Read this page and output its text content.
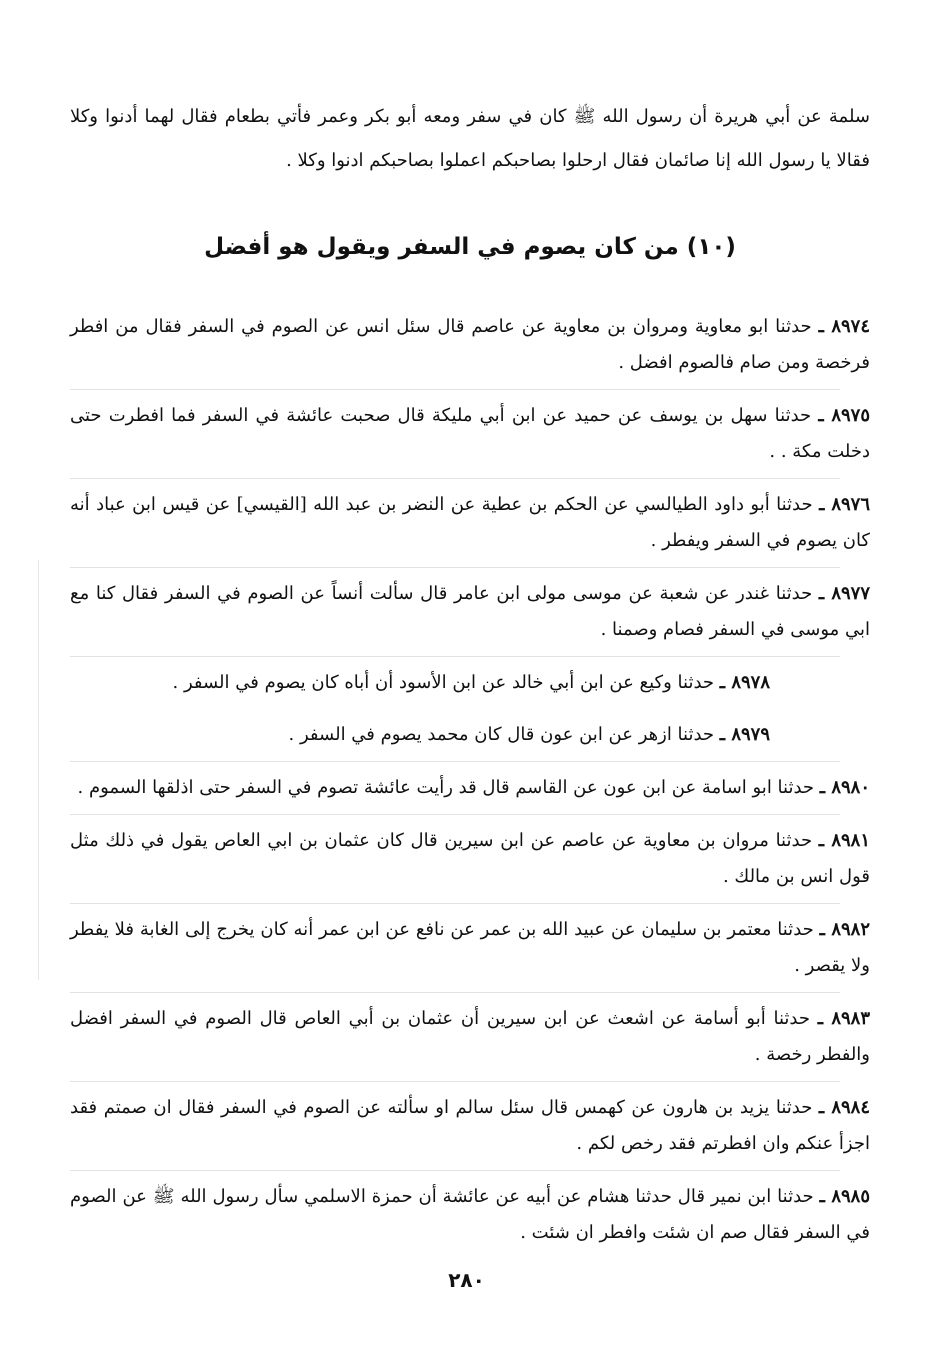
سلمة عن أبي هريرة أن رسول الله ﷺ كان في سفر ومعه أبو بكر وعمر فأتي بطعام فقال لهما أدنوا وكلا فقالا يا رسول الله إنا صائمان فقال ارحلوا بصاحبكم اعملوا بصاحبكم ادنوا وكلا .

(١٠) من كان يصوم في السفر ويقول هو أفضل

٨٩٧٤ ـ حدثنا ابو معاوية ومروان بن معاوية عن عاصم قال سئل انس عن الصوم في السفر فقال من افطر فرخصة ومن صام فالصوم افضل .

٨٩٧٥ ـ حدثنا سهل بن يوسف عن حميد عن ابن أبي مليكة قال صحبت عائشة في السفر فما افطرت حتى دخلت مكة . .

٨٩٧٦ ـ حدثنا أبو داود الطيالسي عن الحكم بن عطية عن النضر بن عبد الله [القيسي] عن قيس ابن عباد أنه كان يصوم في السفر ويفطر .

٨٩٧٧ ـ حدثنا غندر عن شعبة عن موسى مولى ابن عامر قال سألت أنساً عن الصوم في السفر فقال كنا مع ابي موسى في السفر فصام وصمنا .

٨٩٧٨ ـ حدثنا وكيع عن ابن أبي خالد عن ابن الأسود أن أباه كان يصوم في السفر .

٨٩٧٩ ـ حدثنا ازهر عن ابن عون قال كان محمد يصوم في السفر .

٨٩٨٠ ـ حدثنا ابو اسامة عن ابن عون عن القاسم قال قد رأيت عائشة تصوم في السفر حتى اذلقها السموم .

٨٩٨١ ـ حدثنا مروان بن معاوية عن عاصم عن ابن سيرين قال كان عثمان بن ابي العاص يقول في ذلك مثل قول انس بن مالك .

٨٩٨٢ ـ حدثنا معتمر بن سليمان عن عبيد الله بن عمر عن نافع عن ابن عمر أنه كان يخرج إلى الغابة فلا يفطر ولا يقصر .

٨٩٨٣ ـ حدثنا أبو أسامة عن اشعث عن ابن سيرين أن عثمان بن أبي العاص قال الصوم في السفر افضل والفطر رخصة .

٨٩٨٤ ـ حدثنا يزيد بن هارون عن كهمس قال سئل سالم او سألته عن الصوم في السفر فقال ان صمتم فقد اجزأ عنكم وان افطرتم فقد رخص لكم .

٨٩٨٥ ـ حدثنا ابن نمير قال حدثنا هشام عن أبيه عن عائشة أن حمزة الاسلمي سأل رسول الله ﷺ عن الصوم في السفر فقال صم ان شئت وافطر ان شئت .

٢٨٠
